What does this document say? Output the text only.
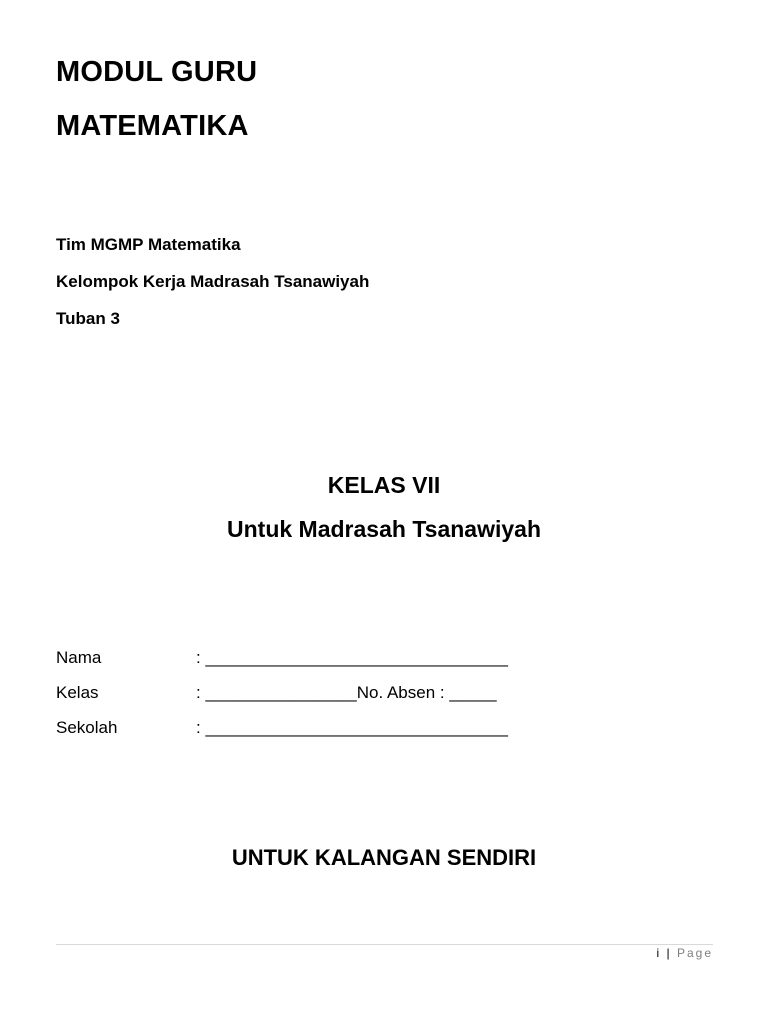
MODUL GURU
MATEMATIKA
Tim MGMP Matematika
Kelompok Kerja Madrasah Tsanawiyah
Tuban 3
KELAS VII
Untuk Madrasah Tsanawiyah
Nama	: ________________________________
Kelas	: ________________No. Absen : _____
Sekolah	: ________________________________
UNTUK KALANGAN SENDIRI
i | Page
